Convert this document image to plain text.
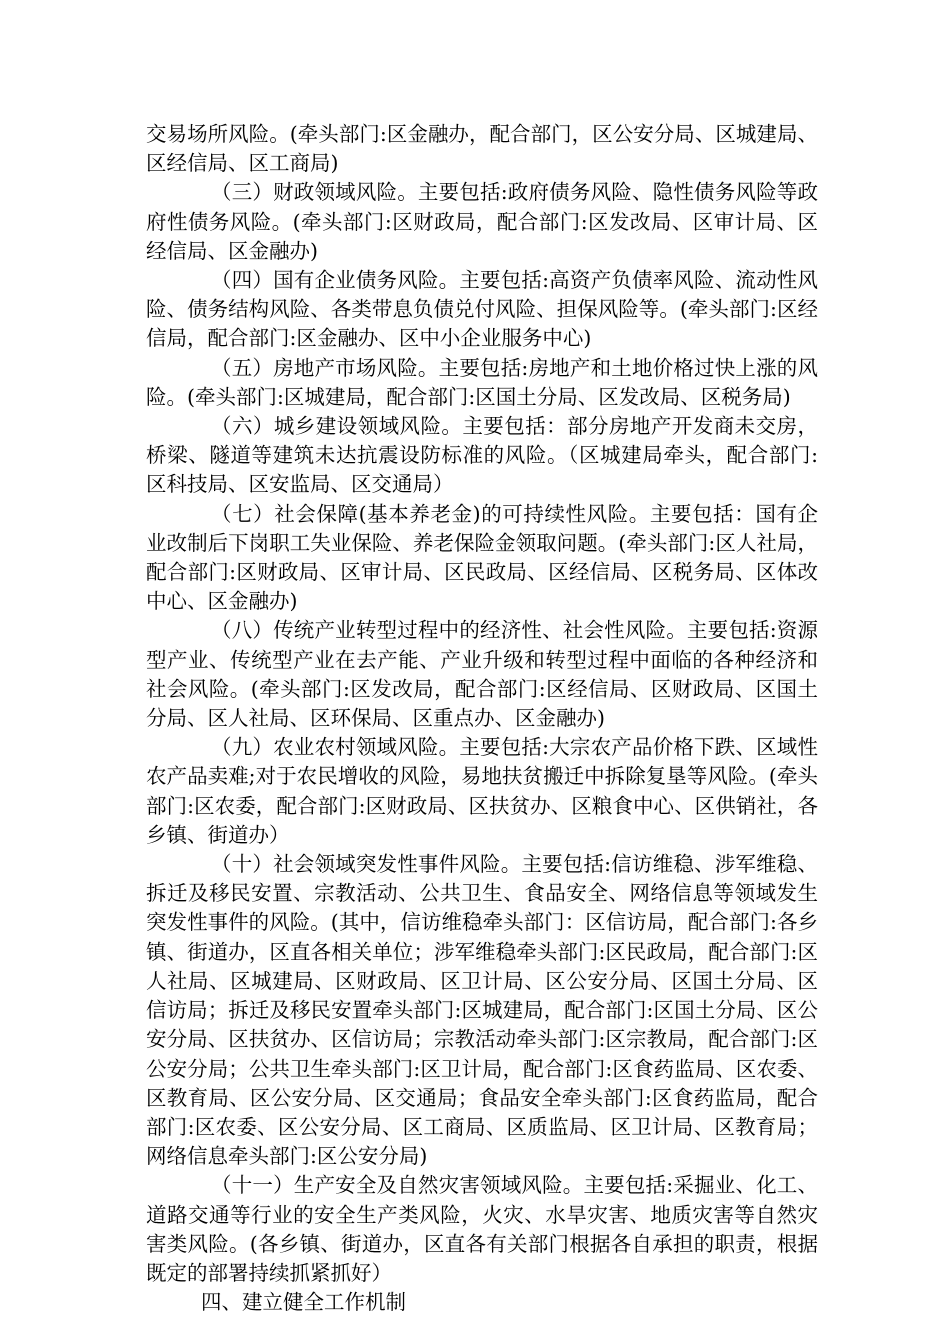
交易场所风险。(牵头部门:区金融办，配合部门，区公安分局、区城建局、区经信局、区工商局)

（三）财政领域风险。主要包括:政府债务风险、隐性债务风险等政府性债务风险。(牵头部门:区财政局，配合部门:区发改局、区审计局、区经信局、区金融办)

（四）国有企业债务风险。主要包括:高资产负债率风险、流动性风险、债务结构风险、各类带息负债兑付风险、担保风险等。(牵头部门:区经信局，配合部门:区金融办、区中小企业服务中心)

（五）房地产市场风险。主要包括:房地产和土地价格过快上涨的风险。(牵头部门:区城建局，配合部门:区国土分局、区发改局、区税务局)

（六）城乡建设领域风险。主要包括：部分房地产开发商未交房，桥梁、隧道等建筑未达抗震设防标准的风险。（区城建局牵头，配合部门:区科技局、区安监局、区交通局）

（七）社会保障(基本养老金)的可持续性风险。主要包括：国有企业改制后下岗职工失业保险、养老保险金领取问题。(牵头部门:区人社局，配合部门:区财政局、区审计局、区民政局、区经信局、区税务局、区体改中心、区金融办)

（八）传统产业转型过程中的经济性、社会性风险。主要包括:资源型产业、传统型产业在去产能、产业升级和转型过程中面临的各种经济和社会风险。(牵头部门:区发改局，配合部门:区经信局、区财政局、区国土分局、区人社局、区环保局、区重点办、区金融办)

（九）农业农村领域风险。主要包括:大宗农产品价格下跌、区域性农产品卖难;对于农民增收的风险，易地扶贫搬迁中拆除复垦等风险。(牵头部门:区农委，配合部门:区财政局、区扶贫办、区粮食中心、区供销社，各乡镇、街道办）

（十）社会领域突发性事件风险。主要包括:信访维稳、涉军维稳、拆迁及移民安置、宗教活动、公共卫生、食品安全、网络信息等领域发生突发性事件的风险。(其中，信访维稳牵头部门：区信访局，配合部门:各乡镇、街道办，区直各相关单位；涉军维稳牵头部门:区民政局，配合部门:区人社局、区城建局、区财政局、区卫计局、区公安分局、区国土分局、区信访局；拆迁及移民安置牵头部门:区城建局，配合部门:区国土分局、区公安分局、区扶贫办、区信访局；宗教活动牵头部门:区宗教局，配合部门:区公安分局；公共卫生牵头部门:区卫计局，配合部门:区食药监局、区农委、区教育局、区公安分局、区交通局；食品安全牵头部门:区食药监局，配合部门:区农委、区公安分局、区工商局、区质监局、区卫计局、区教育局；网络信息牵头部门:区公安分局)

（十一）生产安全及自然灾害领域风险。主要包括:采掘业、化工、道路交通等行业的安全生产类风险，火灾、水旱灾害、地质灾害等自然灾害类风险。(各乡镇、街道办，区直各有关部门根据各自承担的职责，根据既定的部署持续抓紧抓好）

四、建立健全工作机制
